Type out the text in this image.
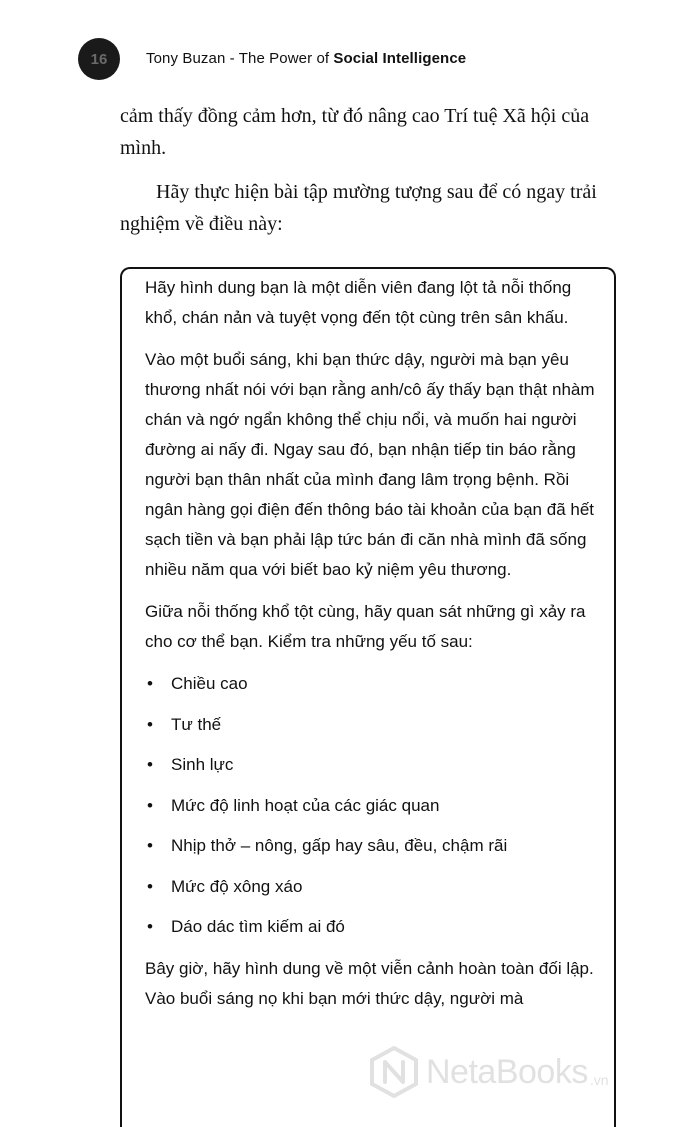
16	Tony Buzan - The Power of Social Intelligence

cảm thấy đồng cảm hơn, từ đó nâng cao Trí tuệ Xã hội của mình.

Hãy thực hiện bài tập mường tượng sau để có ngay trải nghiệm về điều này:

Hãy hình dung bạn là một diễn viên đang lột tả nỗi thống khổ, chán nản và tuyệt vọng đến tột cùng trên sân khấu.

Vào một buổi sáng, khi bạn thức dậy, người mà bạn yêu thương nhất nói với bạn rằng anh/cô ấy thấy bạn thật nhàm chán và ngớ ngẩn không thể chịu nổi, và muốn hai người đường ai nấy đi. Ngay sau đó, bạn nhận tiếp tin báo rằng người bạn thân nhất của mình đang lâm trọng bệnh. Rồi ngân hàng gọi điện đến thông báo tài khoản của bạn đã hết sạch tiền và bạn phải lập tức bán đi căn nhà mình đã sống nhiều năm qua với biết bao kỷ niệm yêu thương.

Giữa nỗi thống khổ tột cùng, hãy quan sát những gì xảy ra cho cơ thể bạn. Kiểm tra những yếu tố sau:

• Chiều cao
• Tư thế
• Sinh lực
• Mức độ linh hoạt của các giác quan
• Nhịp thở – nông, gấp hay sâu, đều, chậm rãi
• Mức độ xông xáo
• Dáo dác tìm kiếm ai đó

Bây giờ, hãy hình dung về một viễn cảnh hoàn toàn đối lập. Vào buổi sáng nọ khi bạn mới thức dậy, người mà

NetaBooks .vn
